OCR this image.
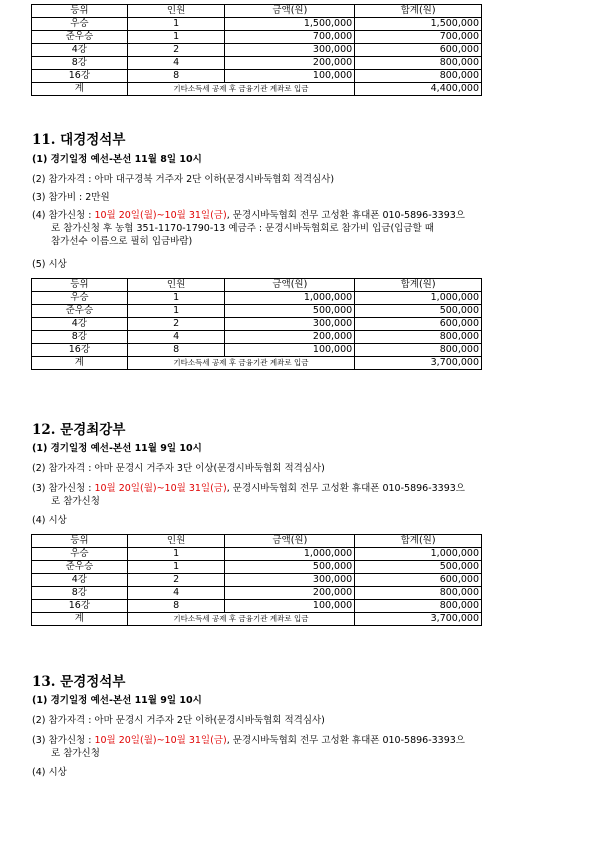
등위	인원	금액(원)	합계(원)
우승	1	1,500,000	1,500,000
준우승	1	700,000	700,000
4강	2	300,000	600,000
8강	4	200,000	800,000
16강	8	100,000	800,000
계	기타소득세 공제 후 금융기관 계좌로 입금		4,400,000
11. 대경정석부
(1) 경기일정 예선-본선 11월 8일 10시
(2) 참가자격 : 아마 대구경북 거주자 2단 이하(문경시바둑협회 적격심사)
(3) 참가비 : 2만원
(4) 참가신청 : 10월 20일(월)~10월 31일(금), 문경시바둑협회 전무 고성환 휴대폰 010-5896-3393으
로 참가신청 후 농협 351-1170-1790-13 예금주 : 문경시바둑협회로 참가비 입금(입금할 때
참가선수 이름으로 필히 입금바람)
(5) 시상
등위	인원	금액(원)	합계(원)
우승	1	1,000,000	1,000,000
준우승	1	500,000	500,000
4강	2	300,000	600,000
8강	4	200,000	800,000
16강	8	100,000	800,000
계	기타소득세 공제 후 금융기관 계좌로 입금		3,700,000
12. 문경최강부
(1) 경기일정 예선-본선 11월 9일 10시
(2) 참가자격 : 아마 문경시 거주자 3단 이상(문경시바둑협회 적격심사)
(3) 참가신청 : 10월 20일(월)~10월 31일(금), 문경시바둑협회 전무 고성환 휴대폰 010-5896-3393으
로 참가신청
(4) 시상
등위	인원	금액(원)	합계(원)
우승	1	1,000,000	1,000,000
준우승	1	500,000	500,000
4강	2	300,000	600,000
8강	4	200,000	800,000
16강	8	100,000	800,000
계	기타소득세 공제 후 금융기관 계좌로 입금		3,700,000
13. 문경정석부
(1) 경기일정 예선-본선 11월 9일 10시
(2) 참가자격 : 아마 문경시 거주자 2단 이하(문경시바둑협회 적격심사)
(3) 참가신청 : 10월 20일(월)~10월 31일(금), 문경시바둑협회 전무 고성환 휴대폰 010-5896-3393으
로 참가신청
(4) 시상
